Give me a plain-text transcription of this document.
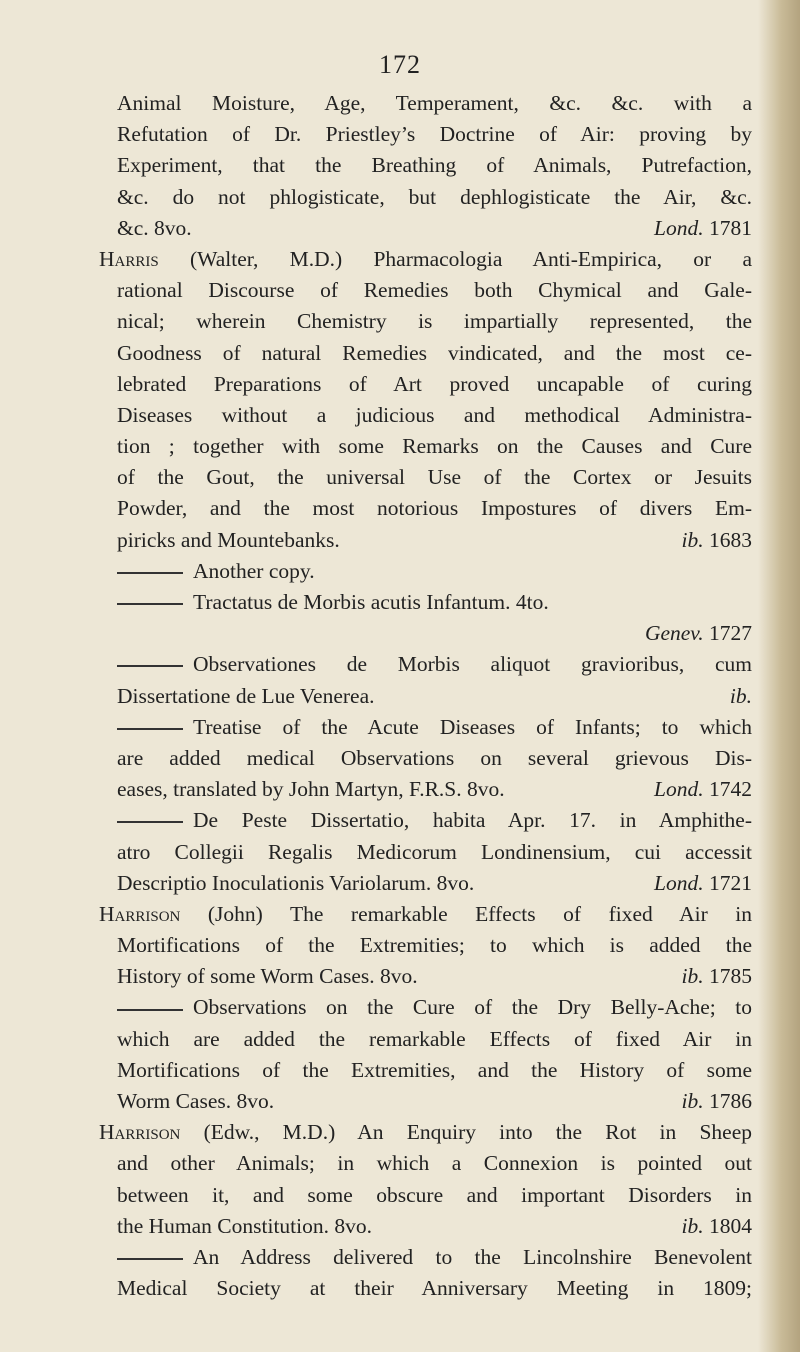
172
Animal Moisture, Age, Temperament, &c. &c. with a
Refutation of Dr. Priestley’s Doctrine of Air: proving by
Experiment, that the Breathing of Animals, Putrefaction,
&c. do not phlogisticate, but dephlogisticate the Air, &c.
Lond. 1781
&c. 8vo.
Harris (Walter, M.D.) Pharmacologia Anti-Empirica, or a
rational Discourse of Remedies both Chymical and Gale-
nical; wherein Chemistry is impartially represented, the
Goodness of natural Remedies vindicated, and the most ce-
lebrated Preparations of Art proved uncapable of curing
Diseases without a judicious and methodical Administra-
tion ; together with some Remarks on the Causes and Cure
of the Gout, the universal Use of the Cortex or Jesuits
Powder, and the most notorious Impostures of divers Em-
ib. 1683
piricks and Mountebanks.
Another copy.
Tractatus de Morbis acutis Infantum. 4to.
Genev. 1727
Observationes de Morbis aliquot gravioribus, cum
ib.
Dissertatione de Lue Venerea.
Treatise of the Acute Diseases of Infants; to which
are added medical Observations on several grievous Dis-
Lond. 1742
eases, translated by John Martyn, F.R.S. 8vo.
De Peste Dissertatio, habita Apr. 17. in Amphithe-
atro Collegii Regalis Medicorum Londinensium, cui accessit
Lond. 1721
Descriptio Inoculationis Variolarum. 8vo.
Harrison (John) The remarkable Effects of fixed Air in
Mortifications of the Extremities; to which is added the
ib. 1785
History of some Worm Cases. 8vo.
Observations on the Cure of the Dry Belly-Ache; to
which are added the remarkable Effects of fixed Air in
Mortifications of the Extremities, and the History of some
ib. 1786
Worm Cases. 8vo.
Harrison (Edw., M.D.) An Enquiry into the Rot in Sheep
and other Animals; in which a Connexion is pointed out
between it, and some obscure and important Disorders in
ib. 1804
the Human Constitution. 8vo.
An Address delivered to the Lincolnshire Benevolent
Medical Society at their Anniversary Meeting in 1809;
